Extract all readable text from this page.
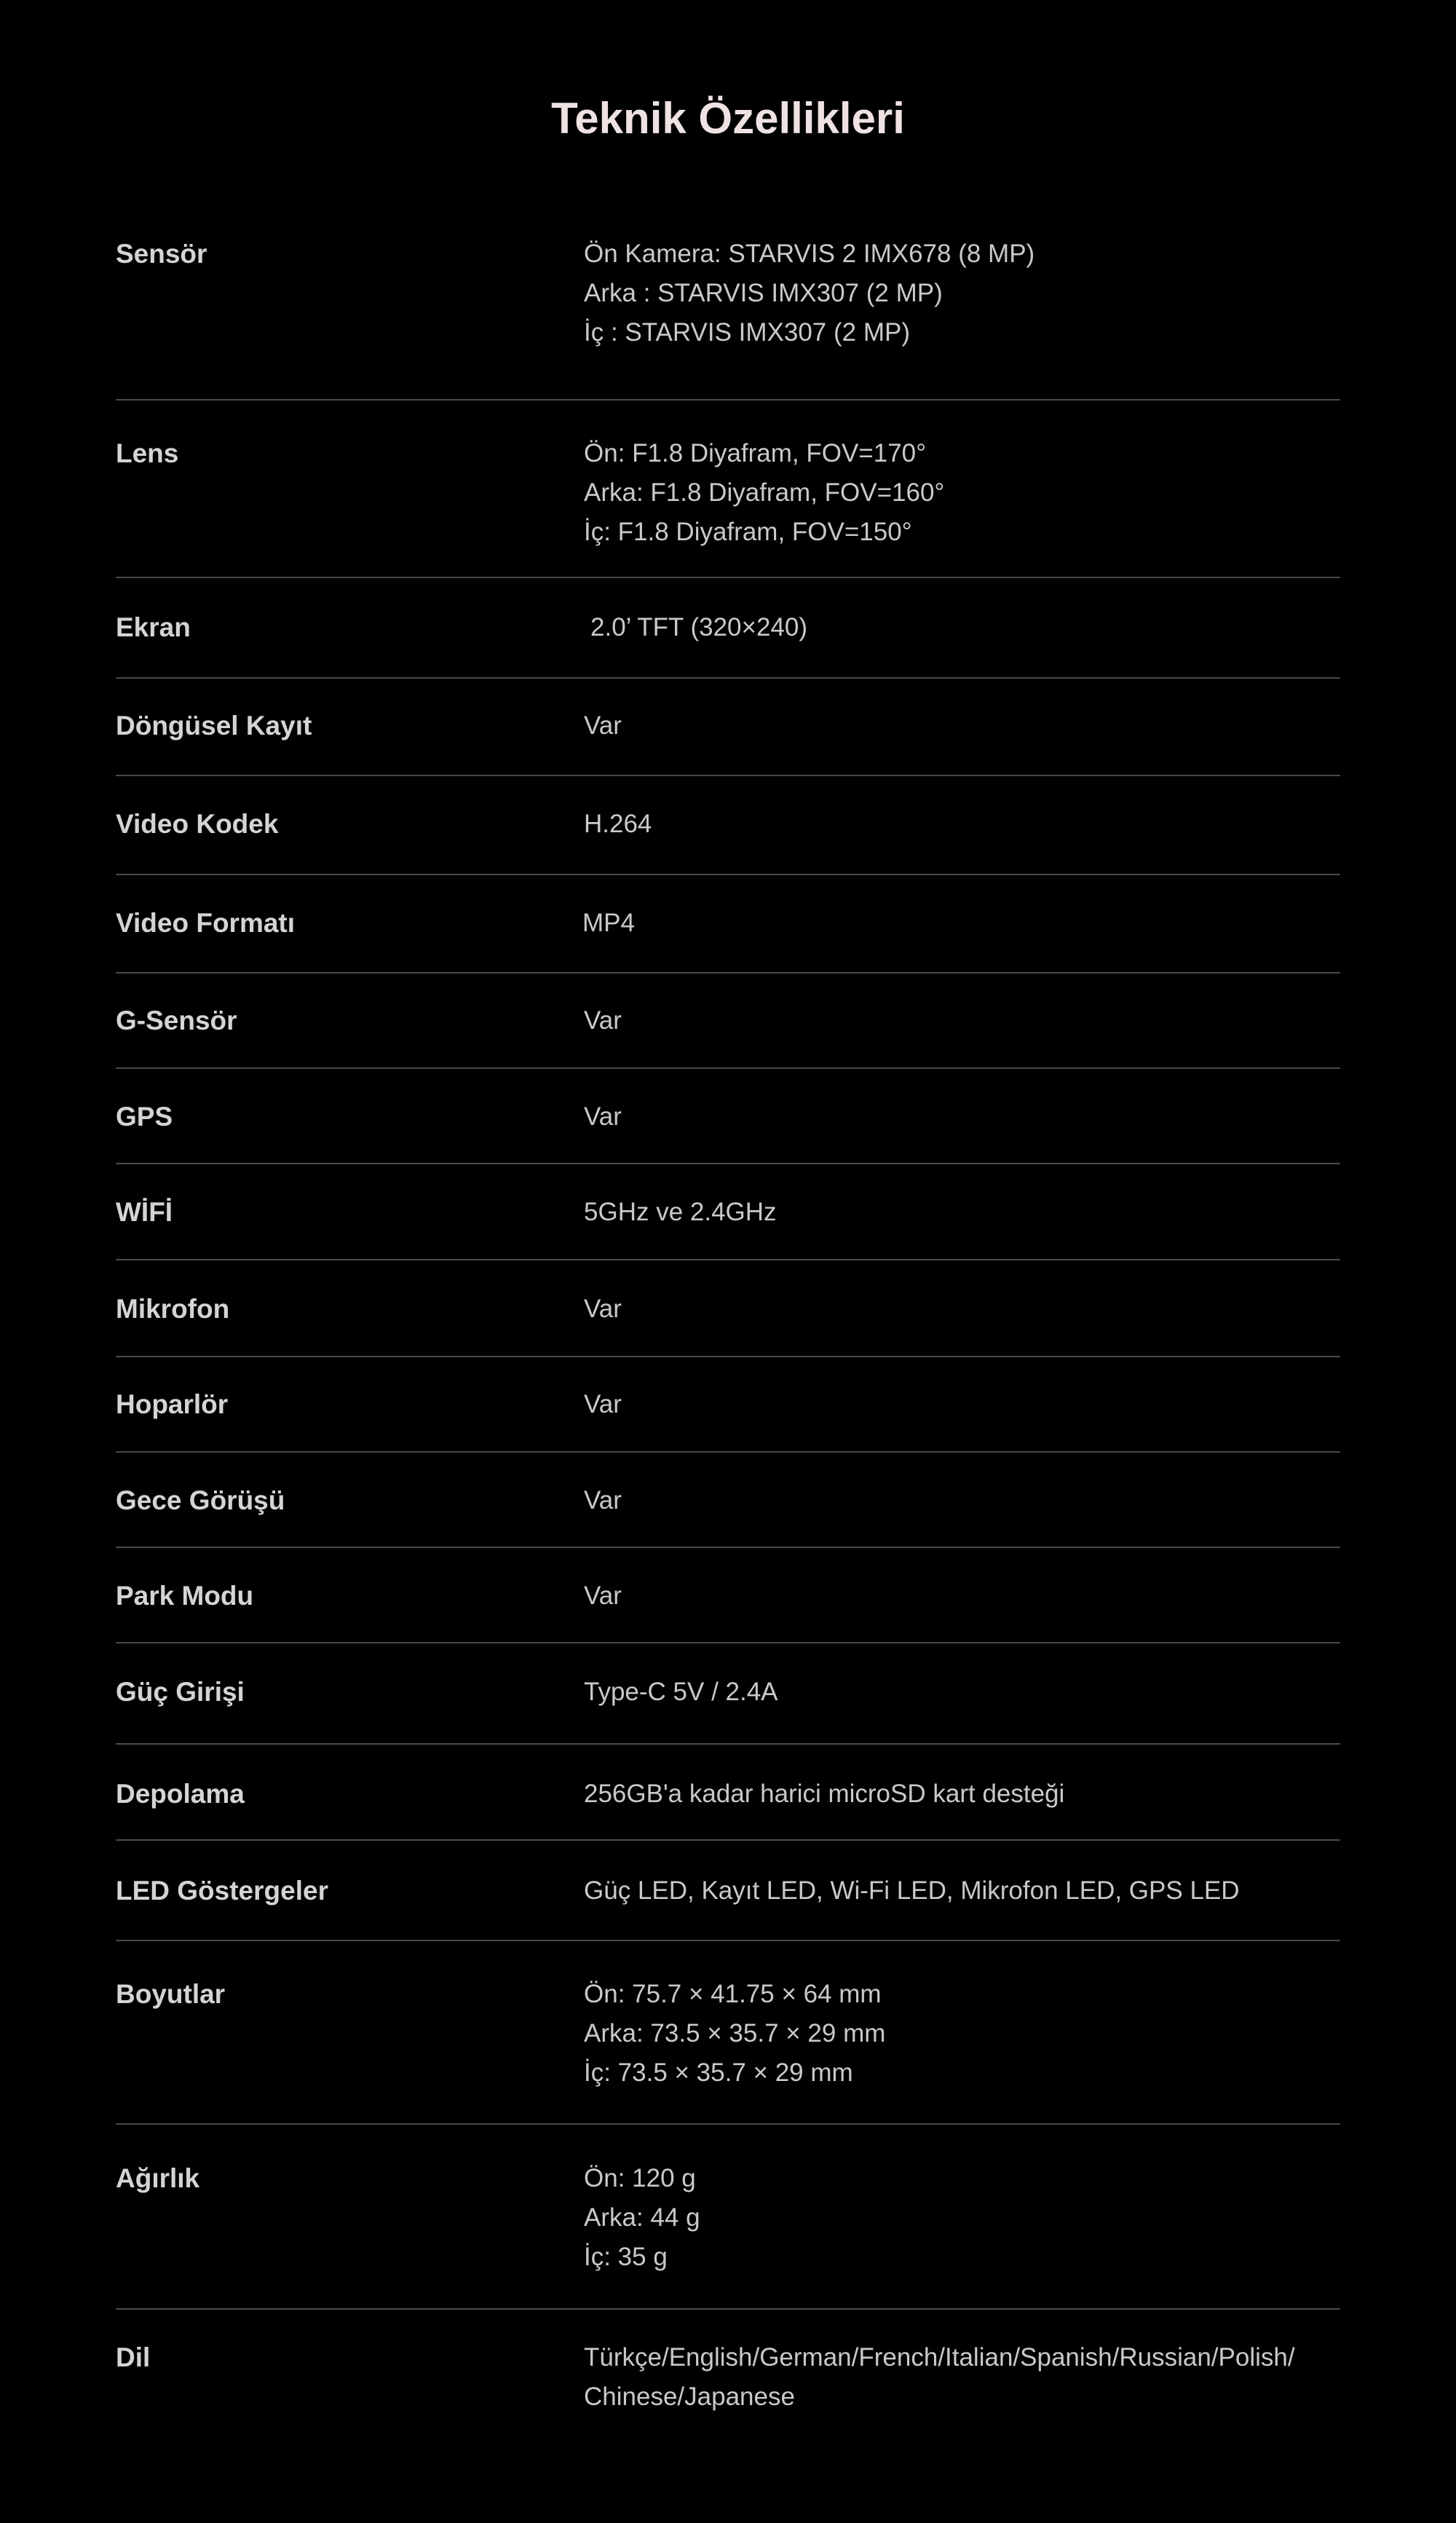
Teknik Özellikleri
Sensör	Ön Kamera: STARVIS 2 IMX678 (8 MP)
Arka : STARVIS IMX307 (2 MP)
İç : STARVIS IMX307 (2 MP)
Lens	Ön: F1.8 Diyafram, FOV=170°
Arka: F1.8 Diyafram, FOV=160°
İç: F1.8 Diyafram, FOV=150°
Ekran	2.0’ TFT (320×240)
Döngüsel Kayıt	Var
Video Kodek	H.264
Video Formatı	MP4
G-Sensör	Var
GPS	Var
WİFİ	5GHz ve 2.4GHz
Mikrofon	Var
Hoparlör	Var
Gece Görüşü	Var
Park Modu	Var
Güç Girişi	Type-C 5V / 2.4A
Depolama	256GB'a kadar harici microSD kart desteği
LED Göstergeler	Güç LED, Kayıt LED, Wi-Fi LED, Mikrofon LED, GPS LED
Boyutlar	Ön: 75.7 × 41.75 × 64 mm
Arka: 73.5 × 35.7 × 29 mm
İç: 73.5 × 35.7 × 29 mm
Ağırlık	Ön: 120 g
Arka: 44 g
İç: 35 g
Dil	Türkçe/English/German/French/Italian/Spanish/Russian/Polish/
Chinese/Japanese
